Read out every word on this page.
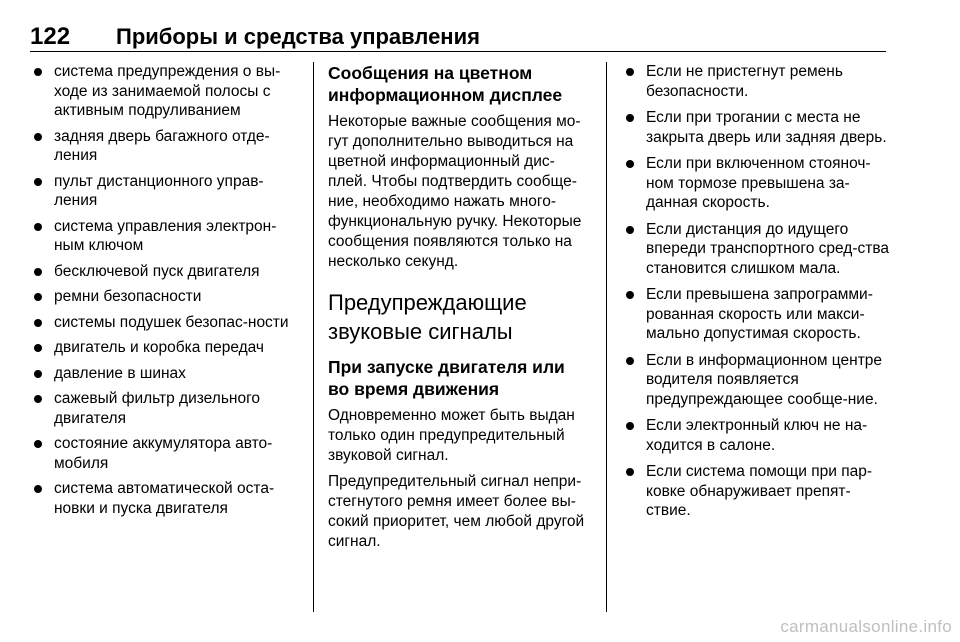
122 Приборы и средства управления
система предупреждения о вы-ходе из занимаемой полосы с активным подруливанием
задняя дверь багажного отде-ления
пульт дистанционного управ-ления
система управления электрон-ным ключом
бесключевой пуск двигателя
ремни безопасности
системы подушек безопас-ности
двигатель и коробка передач
давление в шинах
сажевый фильтр дизельного двигателя
состояние аккумулятора авто-мобиля
система автоматической оста-новки и пуска двигателя
Сообщения на цветном информационном дисплее

Некоторые важные сообщения мо-гут дополнительно выводиться на цветной информационный дис-плей. Чтобы подтвердить сообще-ние, необходимо нажать много-функциональную ручку. Некоторые сообщения появляются только на несколько секунд.

Предупреждающие звуковые сигналы
При запуске двигателя или во время движения

Одновременно может быть выдан только один предупредительный звуковой сигнал.

Предупредительный сигнал непри-стегнутого ремня имеет более вы-сокий приоритет, чем любой другой сигнал.

Если не пристегнут ремень безопасности.
Если при трогании с места не закрыта дверь или задняя дверь.
Если при включенном стояноч-ном тормозе превышена за-данная скорость.
Если дистанция до идущего впереди транспортного сред-ства становится слишком мала.
Если превышена запрограмми-рованная скорость или макси-мально допустимая скорость.
Если в информационном центре водителя появляется предупреждающее сообще-ние.
Если электронный ключ не на-ходится в салоне.
Если система помощи при пар-ковке обнаруживает препят-ствие.
carmanualsonline.info
